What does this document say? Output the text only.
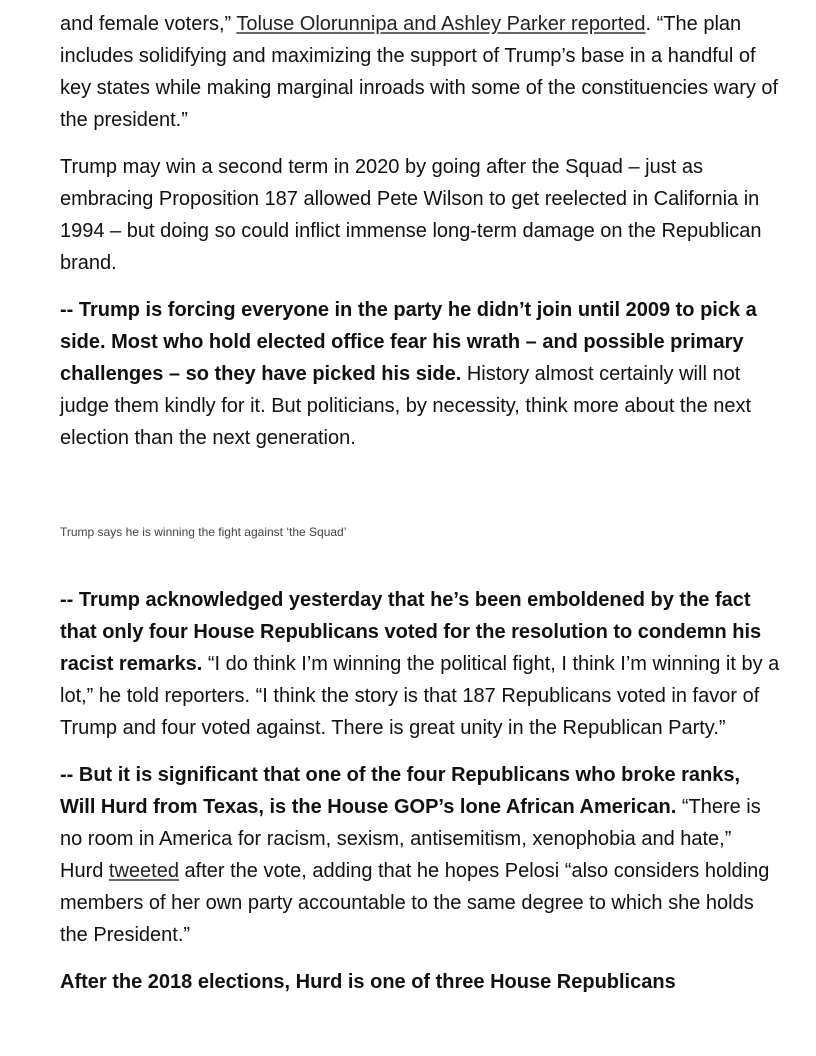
and female voters,” Toluse Olorunnipa and Ashley Parker reported. “The plan includes solidifying and maximizing the support of Trump’s base in a handful of key states while making marginal inroads with some of the constituencies wary of the president.”

Trump may win a second term in 2020 by going after the Squad – just as embracing Proposition 187 allowed Pete Wilson to get reelected in California in 1994 – but doing so could inflict immense long-term damage on the Republican brand.

-- Trump is forcing everyone in the party he didn’t join until 2009 to pick a side. Most who hold elected office fear his wrath – and possible primary challenges – so they have picked his side. History almost certainly will not judge them kindly for it. But politicians, by necessity, think more about the next election than the next generation.

Trump says he is winning the fight against ‘the Squad’

-- Trump acknowledged yesterday that he’s been emboldened by the fact that only four House Republicans voted for the resolution to condemn his racist remarks. “I do think I’m winning the political fight, I think I’m winning it by a lot,” he told reporters. “I think the story is that 187 Republicans voted in favor of Trump and four voted against. There is great unity in the Republican Party.”

-- But it is significant that one of the four Republicans who broke ranks, Will Hurd from Texas, is the House GOP’s lone African American. “There is no room in America for racism, sexism, antisemitism, xenophobia and hate,” Hurd tweeted after the vote, adding that he hopes Pelosi “also considers holding members of her own party accountable to the same degree to which she holds the President.”

After the 2018 elections, Hurd is one of three House Republicans
